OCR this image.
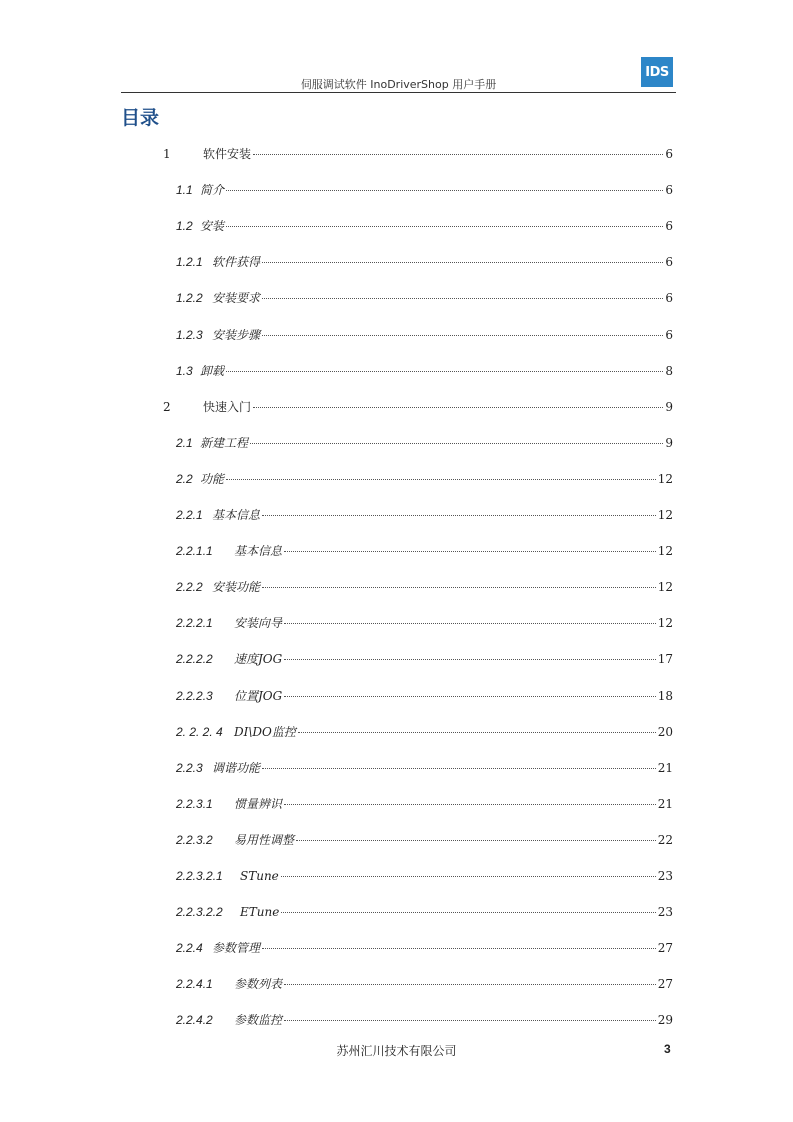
伺服调试软件 InoDriverShop 用户手册
IDS
目录
1	软件安装	6
1.1 简介	6
1.2 安装	6
1.2.1 软件获得	6
1.2.2 安装要求	6
1.2.3 安装步骤	6
1.3 卸载	8
2	快速入门	9
2.1 新建工程	9
2.2 功能	12
2.2.1 基本信息	12
2.2.1.1	基本信息	12
2.2.2 安装功能	12
2.2.2.1	安装向导	12
2.2.2.2	速度JOG	17
2.2.2.3	位置JOG	18
2. 2. 2. 4 DI\DO监控	20
2.2.3 调谐功能	21
2.2.3.1	惯量辨识	21
2.2.3.2	易用性调整	22
2.2.3.2.1	STune	23
2.2.3.2.2	ETune	23
2.2.4 参数管理	27
2.2.4.1	参数列表	27
2.2.4.2	参数监控	29
苏州汇川技术有限公司	3
